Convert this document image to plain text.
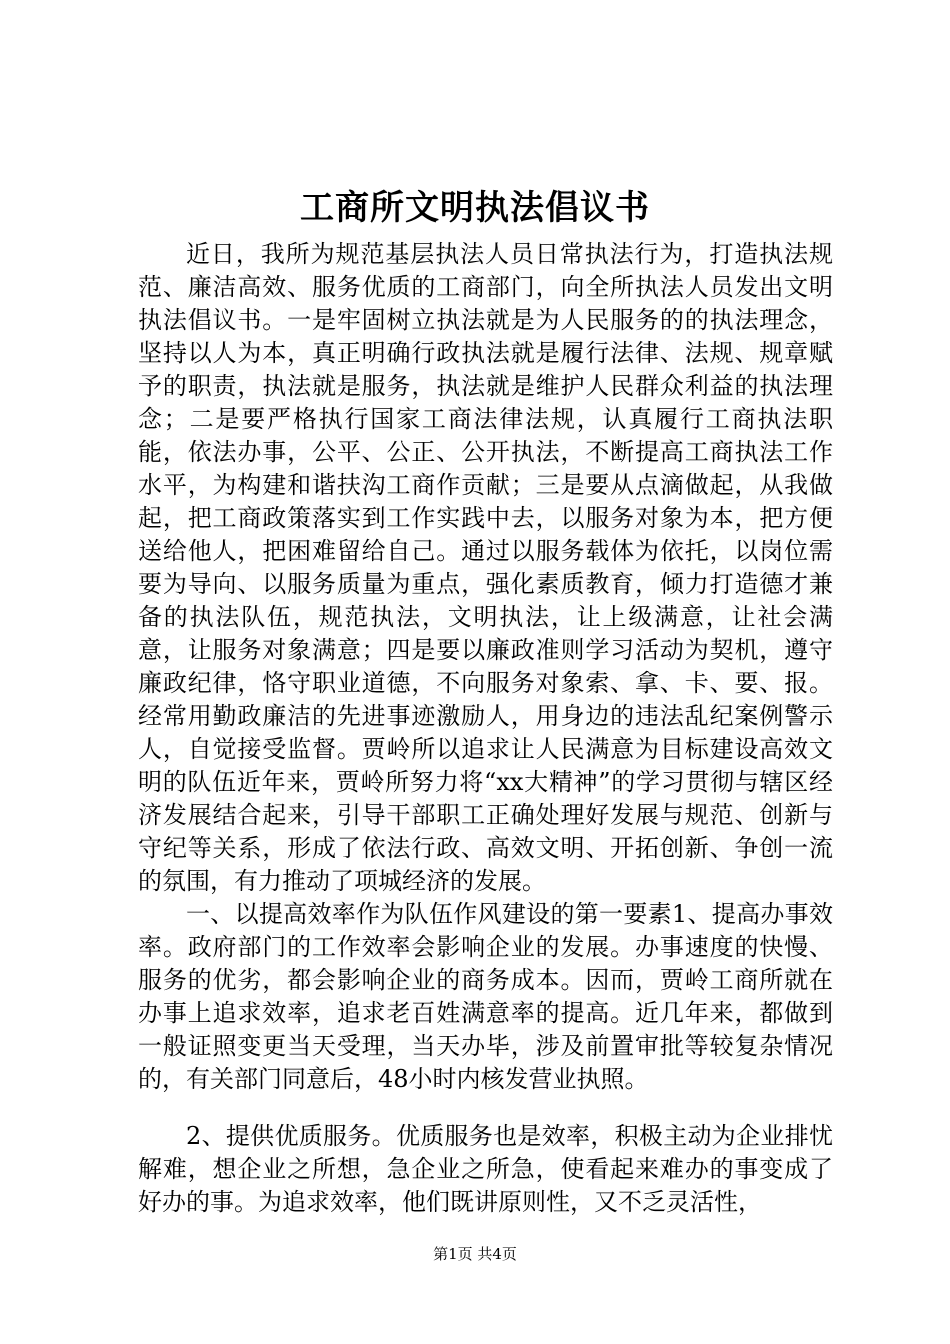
工商所文明执法倡议书

近日，我所为规范基层执法人员日常执法行为，打造执法规范、廉洁高效、服务优质的工商部门，向全所执法人员发出文明执法倡议书。一是牢固树立执法就是为人民服务的的执法理念，坚持以人为本，真正明确行政执法就是履行法律、法规、规章赋予的职责，执法就是服务，执法就是维护人民群众利益的执法理念；二是要严格执行国家工商法律法规，认真履行工商执法职能，依法办事，公平、公正、公开执法，不断提高工商执法工作水平，为构建和谐扶沟工商作贡献；三是要从点滴做起，从我做起，把工商政策落实到工作实践中去，以服务对象为本，把方便送给他人，把困难留给自己。通过以服务载体为依托，以岗位需要为导向、以服务质量为重点，强化素质教育，倾力打造德才兼备的执法队伍，规范执法，文明执法，让上级满意，让社会满意，让服务对象满意；四是要以廉政准则学习活动为契机，遵守廉政纪律，恪守职业道德，不向服务对象索、拿、卡、要、报。经常用勤政廉洁的先进事迹激励人，用身边的违法乱纪案例警示人，自觉接受监督。贾岭所以追求让人民满意为目标建设高效文明的队伍近年来，贾岭所努力将“xx大精神”的学习贯彻与辖区经济发展结合起来，引导干部职工正确处理好发展与规范、创新与守纪等关系，形成了依法行政、高效文明、开拓创新、争创一流的氛围，有力推动了项城经济的发展。

一、以提高效率作为队伍作风建设的第一要素1、提高办事效率。政府部门的工作效率会影响企业的发展。办事速度的快慢、服务的优劣，都会影响企业的商务成本。因而，贾岭工商所就在办事上追求效率，追求老百姓满意率的提高。近几年来，都做到一般证照变更当天受理，当天办毕，涉及前置审批等较复杂情况的，有关部门同意后，48小时内核发营业执照。

2、提供优质服务。优质服务也是效率，积极主动为企业排忧解难，想企业之所想，急企业之所急，使看起来难办的事变成了好办的事。为追求效率，他们既讲原则性，又不乏灵活性，

第1页 共4页
